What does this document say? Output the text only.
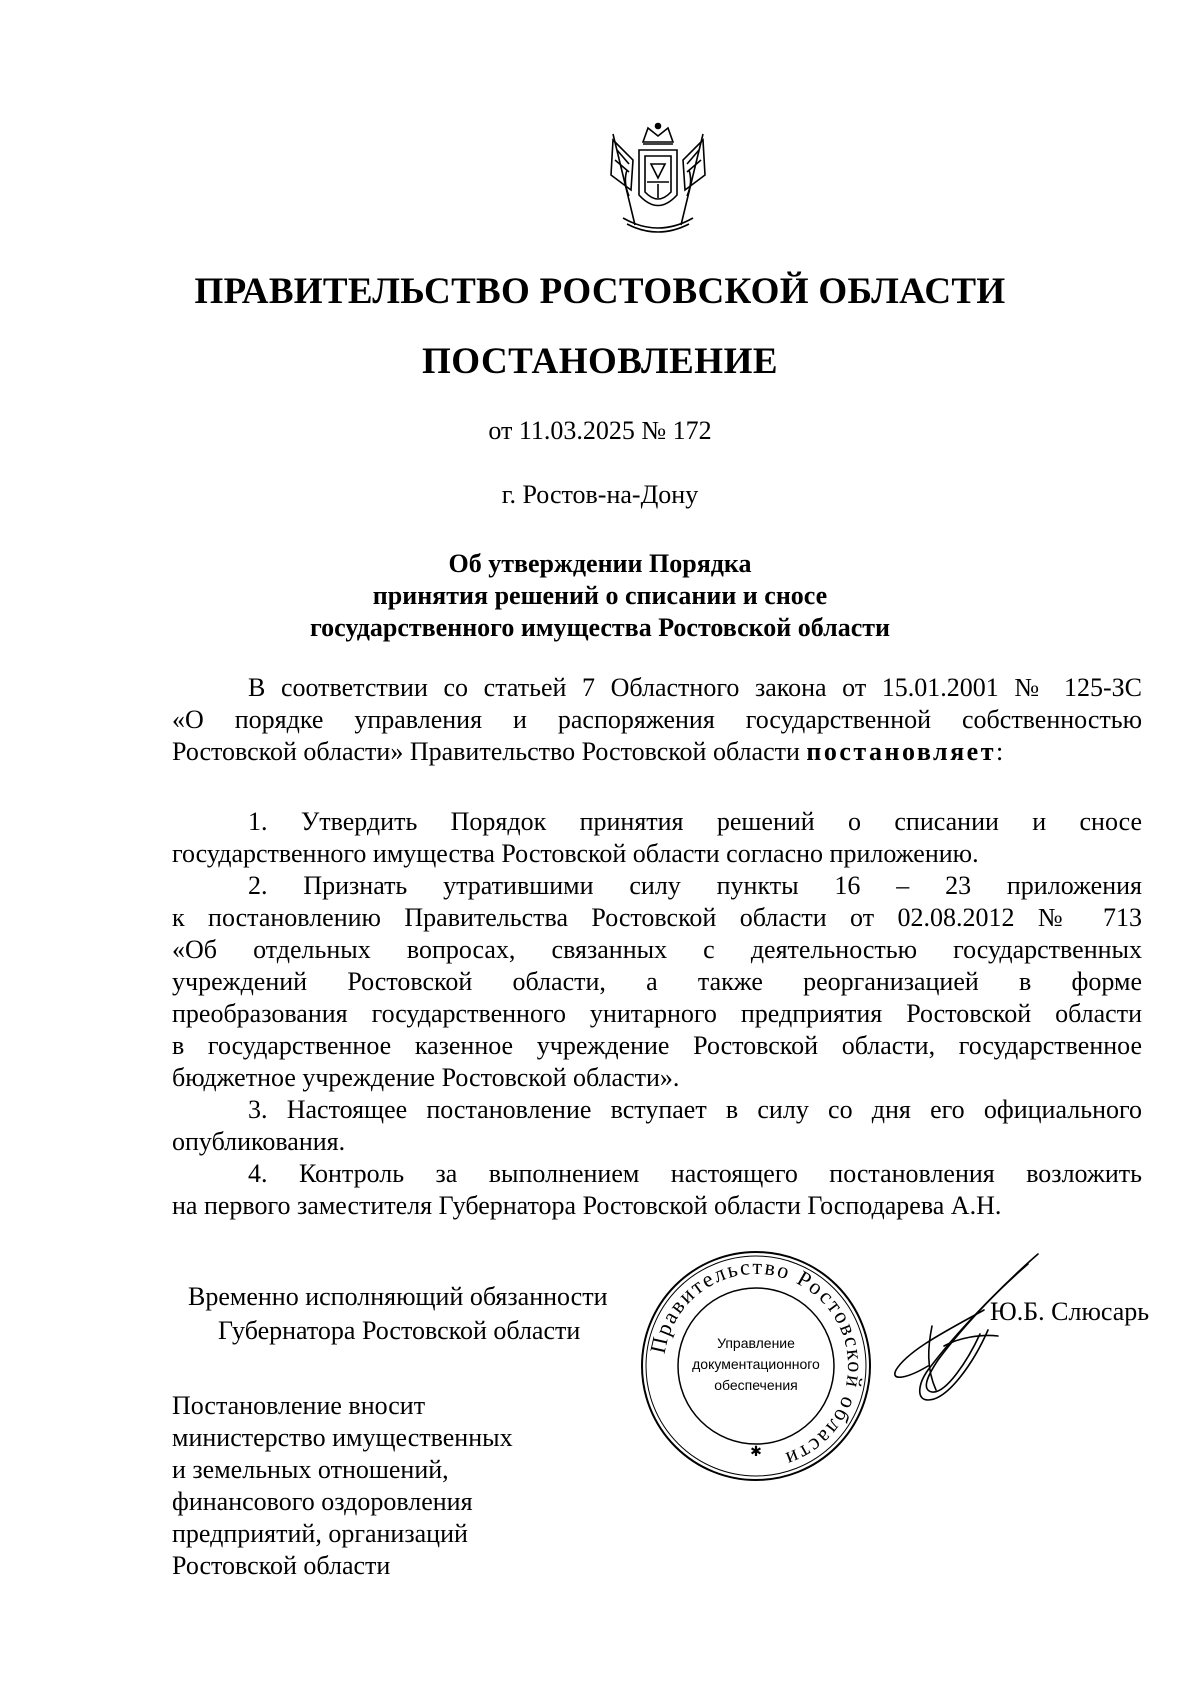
ПРАВИТЕЛЬСТВО РОСТОВСКОЙ ОБЛАСТИ
ПОСТАНОВЛЕНИЕ
от 11.03.2025 № 172
г. Ростов-на-Дону
Об утверждении Порядка
принятия решений о списании и сносе
государственного имущества Ростовской области
В соответствии со статьей 7 Областного закона от 15.01.2001 № 125-ЗС
«О порядке управления и распоряжения государственной собственностью
Ростовской области» Правительство Ростовской области постановляет:
1. Утвердить Порядок принятия решений о списании и сносе
государственного имущества Ростовской области согласно приложению.
2. Признать утратившими силу пункты 16 – 23 приложения
к постановлению Правительства Ростовской области от 02.08.2012 № 713
«Об отдельных вопросах, связанных с деятельностью государственных
учреждений Ростовской области, а также реорганизацией в форме
преобразования государственного унитарного предприятия Ростовской области
в государственное казенное учреждение Ростовской области, государственное
бюджетное учреждение Ростовской области».
3. Настоящее постановление вступает в силу со дня его официального
опубликования.
4. Контроль за выполнением настоящего постановления возложить
на первого заместителя Губернатора Ростовской области Господарева А.Н.
Временно исполняющий обязанности
Губернатора Ростовской области	Правительство Ростовской области
✱
Управление
документационного
обеспечения
Ю.Б. Слюсарь
Постановление вносит
министерство имущественных
и земельных отношений,
финансового оздоровления
предприятий, организаций
Ростовской области
